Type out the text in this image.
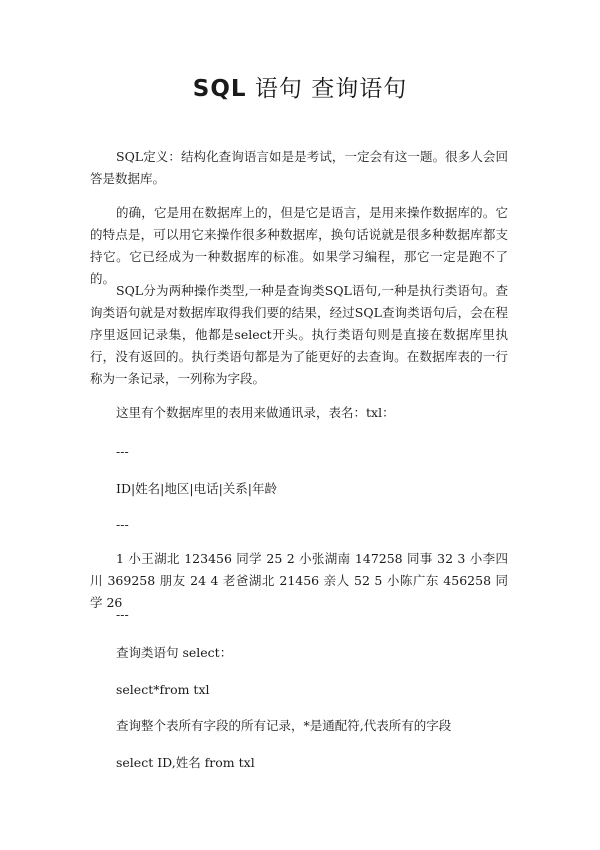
SQL 语句 查询语句

SQL定义：结构化查询语言如是是考试，一定会有这一题。很多人会回答是数据库。

的确，它是用在数据库上的，但是它是语言，是用来操作数据库的。它的特点是，可以用它来操作很多种数据库，换句话说就是很多种数据库都支持它。它已经成为一种数据库的标准。如果学习编程，那它一定是跑不了的。

SQL分为两种操作类型,一种是查询类SQL语句,一种是执行类语句。查询类语句就是对数据库取得我们要的结果，经过SQL查询类语句后，会在程序里返回记录集，他都是select开头。执行类语句则是直接在数据库里执行，没有返回的。执行类语句都是为了能更好的去查询。在数据库表的一行称为一条记录，一列称为字段。

这里有个数据库里的表用来做通讯录，表名：txl：
---
ID|姓名|地区|电话|关系|年龄
---

1 小王湖北 123456 同学 25 2 小张湖南 147258 同事 32 3 小李四川 369258 朋友 24 4 老爸湖北 21456 亲人 52 5 小陈广东 456258 同学 26

---
查询类语句 select：
select*from txl
查询整个表所有字段的所有记录，*是通配符,代表所有的字段
select ID,姓名 from txl
